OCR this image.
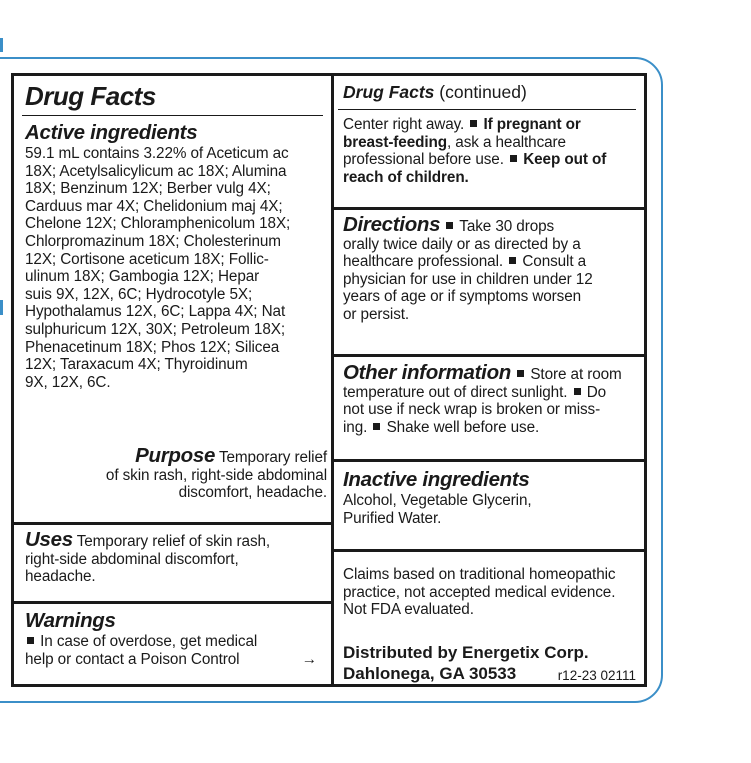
Drug Facts
Active ingredients
59.1 mL contains 3.22% of Aceticum ac
18X; Acetylsalicylicum ac 18X; Alumina
18X; Benzinum 12X; Berber vulg 4X;
Carduus mar 4X; Chelidonium maj 4X;
Chelone 12X; Chloramphenicolum 18X;
Chlorpromazinum 18X; Cholesterinum
12X; Cortisone aceticum 18X; Follic-
ulinum 18X; Gambogia 12X; Hepar
suis 9X, 12X, 6C; Hydrocotyle 5X;
Hypothalamus 12X, 6C; Lappa 4X; Nat
sulphuricum 12X, 30X; Petroleum 18X;
Phenacetinum 18X; Phos 12X; Silicea
12X; Taraxacum 4X; Thyroidinum
9X, 12X, 6C.
Purpose Temporary relief
of skin rash, right-side abdominal
discomfort, headache.
Uses Temporary relief of skin rash,
right-side abdominal discomfort,
headache.
Warnings
In case of overdose, get medical
help or contact a Poison Control	→
Drug Facts (continued)
Center right away. If pregnant or
breast-feeding, ask a healthcare
professional before use. Keep out of
reach of children.
Directions Take 30 drops
orally twice daily or as directed by a
healthcare professional. Consult a
physician for use in children under 12
years of age or if symptoms worsen
or persist.
Other information Store at room
temperature out of direct sunlight. Do
not use if neck wrap is broken or miss-
ing. Shake well before use.
Inactive ingredients
Alcohol, Vegetable Glycerin,
Purified Water.
Claims based on traditional homeopathic
practice, not accepted medical evidence.
Not FDA evaluated.
Distributed by Energetix Corp.
Dahlonega, GA 30533	r12-23 02111
